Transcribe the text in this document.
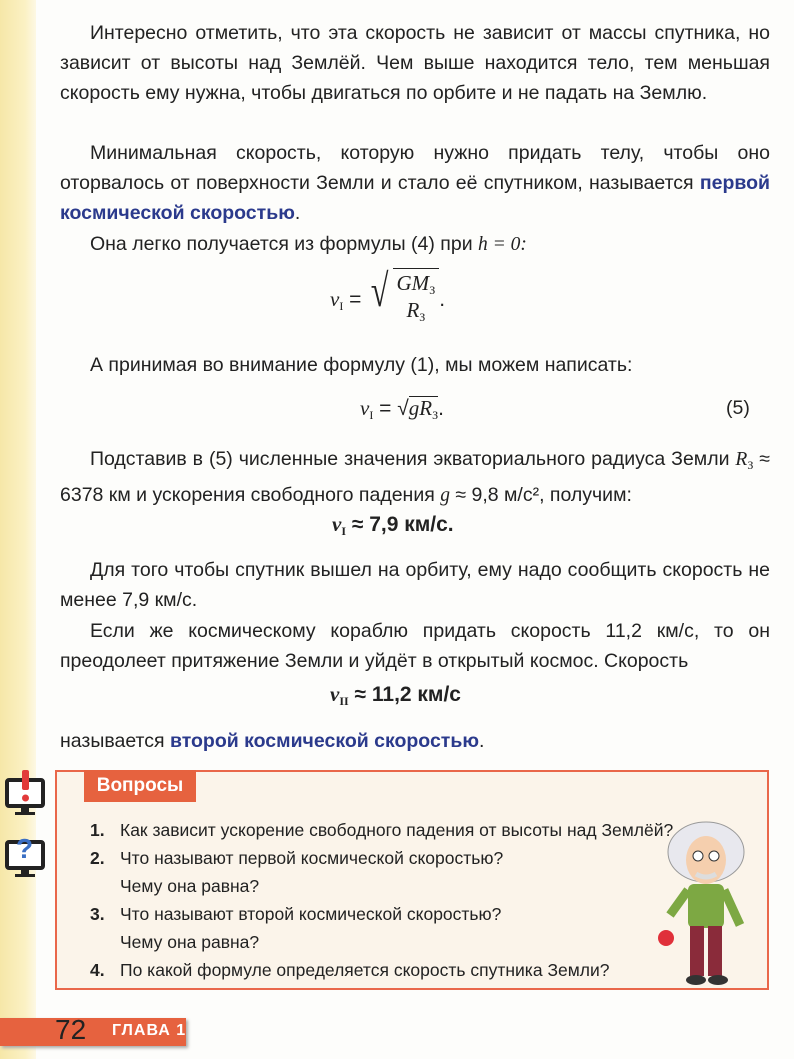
Интересно отметить, что эта скорость не зависит от массы спутника, но зависит от высоты над Землёй. Чем выше находится тело, тем меньшая скорость ему нужна, чтобы двигаться по орбите и не падать на Землю.

Минимальная скорость, которую нужно придать телу, чтобы оно оторвалось от поверхности Земли и стало её спутником, называется первой космической скоростью.

Она легко получается из формулы (4) при h = 0:

$v_I$ = √ $GM_З$
$R_З$
.

А принимая во внимание формулу (1), мы можем написать:

$v_I = √gR_З$.	(5)

Подставив в (5) численные значения экваториального радиуса Земли $R_З \approx 6378$ км и ускорения свободного падения g ≈ 9,8 м/с², получим:

$v_I \approx 7,9$ км/с.

Для того чтобы спутник вышел на орбиту, ему надо сообщить скорость не менее 7,9 км/с.

Если же космическому кораблю придать скорость 11,2 км/с, то он преодолеет притяжение Земли и уйдёт в открытый космос. Скорость

$v_{II} \approx 11,2$ км/с

называется второй космической скоростью.

?
Вопросы
1. Как зависит ускорение свободного падения от высоты над Землёй?
2. Что называют первой космической скоростью?
Чему она равна?
3. Что называют второй космической скоростью?
Чему она равна?
4. По какой формуле определяется скорость спутника Земли?
72 ГЛАВА 1
